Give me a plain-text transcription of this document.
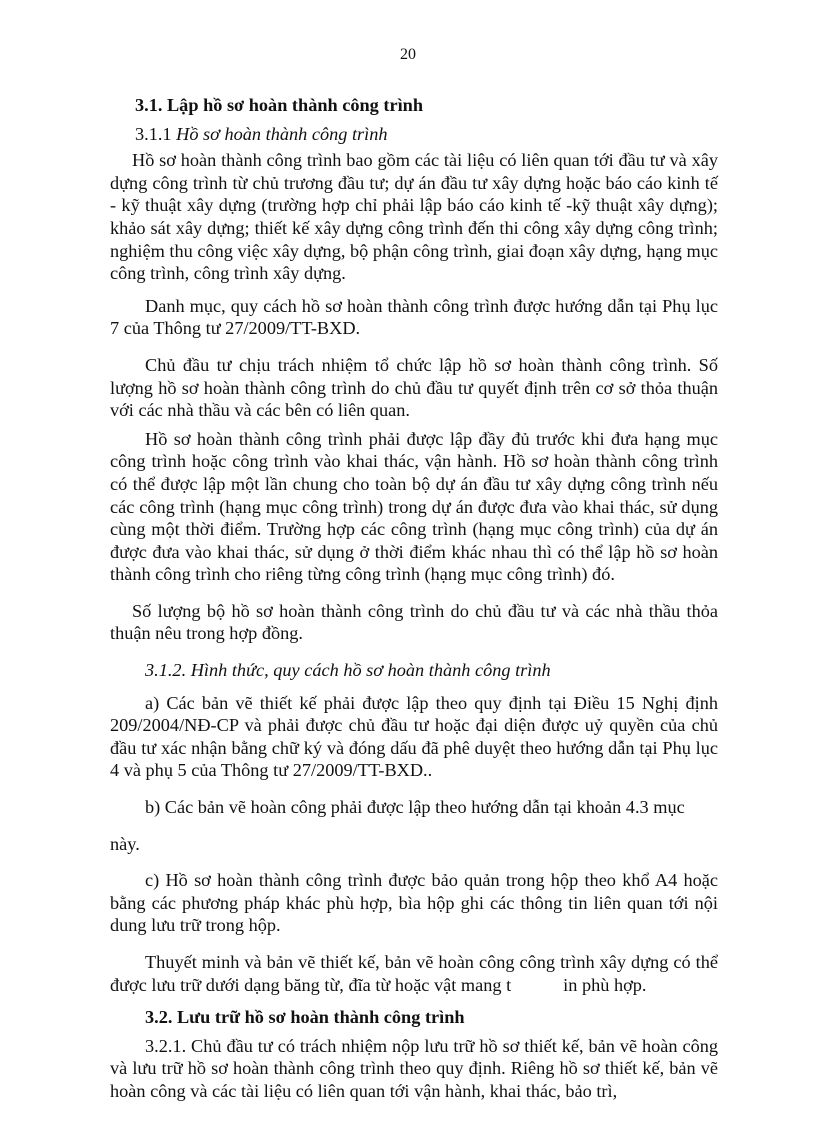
20

3.1. Lập hồ sơ hoàn thành công trình

3.1.1 Hồ sơ hoàn thành công trình

Hồ sơ hoàn thành công trình bao gồm các tài liệu có liên quan tới đầu tư và xây dựng công trình từ chủ trương đầu tư; dự án đầu tư xây dựng hoặc báo cáo kinh tế - kỹ thuật xây dựng (trường hợp chỉ phải lập báo cáo kinh tế -kỹ thuật xây dựng); khảo sát xây dựng; thiết kế xây dựng công trình đến thi công xây dựng công trình; nghiệm thu công việc xây dựng, bộ phận công trình, giai đoạn xây dựng, hạng mục công trình, công trình xây dựng.

Danh mục, quy cách hồ sơ hoàn thành công trình được hướng dẫn tại Phụ lục 7 của Thông tư 27/2009/TT-BXD.

Chủ đầu tư chịu trách nhiệm tổ chức lập hồ sơ hoàn thành công trình. Số lượng hồ sơ hoàn thành công trình do chủ đầu tư quyết định trên cơ sở thỏa thuận với các nhà thầu và các bên có liên quan.

Hồ sơ hoàn thành công trình phải được lập đầy đủ trước khi đưa hạng mục công trình hoặc công trình vào khai thác, vận hành. Hồ sơ hoàn thành công trình có thể được lập một lần chung cho toàn bộ dự án đầu tư xây dựng công trình nếu các công trình (hạng mục công trình) trong dự án được đưa vào khai thác, sử dụng cùng một thời điểm. Trường hợp các công trình (hạng mục công trình) của dự án được đưa vào khai thác, sử dụng ở thời điểm khác nhau thì có thể lập hồ sơ hoàn thành công trình cho riêng từng công trình (hạng mục công trình) đó.

Số lượng bộ hồ sơ hoàn thành công trình do chủ đầu tư và các nhà thầu thỏa thuận nêu trong hợp đồng.

3.1.2. Hình thức, quy cách hồ sơ hoàn thành công trình

a) Các bản vẽ thiết kế phải được lập theo quy định tại Điều 15 Nghị định 209/2004/NĐ-CP và phải được chủ đầu tư hoặc đại diện được uỷ quyền của chủ đầu tư xác nhận bằng chữ ký và đóng dấu đã phê duyệt theo hướng dẫn tại Phụ lục 4 và phụ 5 của Thông tư 27/2009/TT-BXD..

b) Các bản vẽ hoàn công phải được lập theo hướng dẫn tại khoản 4.3 mục

này.

c) Hồ sơ hoàn thành công trình được bảo quản trong hộp theo khổ A4 hoặc bằng các phương pháp khác phù hợp, bìa hộp ghi các thông tin liên quan tới nội dung lưu trữ trong hộp.

Thuyết minh và bản vẽ thiết kế, bản vẽ hoàn công công trình xây dựng có thể được lưu trữ dưới dạng băng từ, đĩa từ hoặc vật mang t	in phù hợp.

3.2. Lưu trữ hồ sơ hoàn thành công trình

3.2.1. Chủ đầu tư có trách nhiệm nộp lưu trữ hồ sơ thiết kế, bản vẽ hoàn công và lưu trữ hồ sơ hoàn thành công trình theo quy định. Riêng hồ sơ thiết kế, bản vẽ hoàn công và các tài liệu có liên quan tới vận hành, khai thác, bảo trì,
